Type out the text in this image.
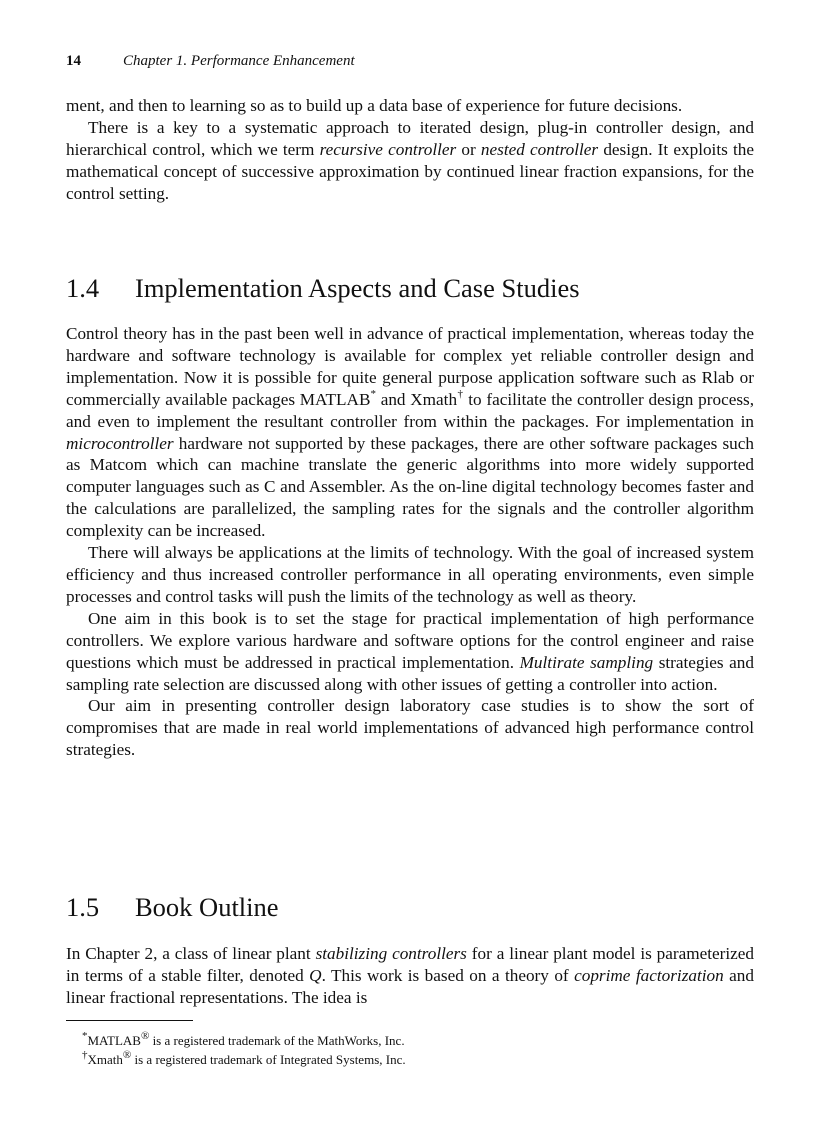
14	Chapter 1. Performance Enhancement

ment, and then to learning so as to build up a data base of experience for future decisions.

There is a key to a systematic approach to iterated design, plug-in controller design, and hierarchical control, which we term recursive controller or nested controller design. It exploits the mathematical concept of successive approximation by continued linear fraction expansions, for the control setting.

1.4 Implementation Aspects and Case Studies

Control theory has in the past been well in advance of practical implementation, whereas today the hardware and software technology is available for complex yet reliable controller design and implementation. Now it is possible for quite general purpose application software such as Rlab or commercially available packages MATLAB* and Xmath† to facilitate the controller design process, and even to implement the resultant controller from within the packages. For implementation in microcontroller hardware not supported by these packages, there are other software packages such as Matcom which can machine translate the generic algorithms into more widely supported computer languages such as C and Assembler. As the on-line digital technology becomes faster and the calculations are parallelized, the sampling rates for the signals and the controller algorithm complexity can be increased.

There will always be applications at the limits of technology. With the goal of increased system efficiency and thus increased controller performance in all operating environments, even simple processes and control tasks will push the limits of the technology as well as theory.

One aim in this book is to set the stage for practical implementation of high performance controllers. We explore various hardware and software options for the control engineer and raise questions which must be addressed in practical implementation. Multirate sampling strategies and sampling rate selection are discussed along with other issues of getting a controller into action.

Our aim in presenting controller design laboratory case studies is to show the sort of compromises that are made in real world implementations of advanced high performance control strategies.

1.5 Book Outline

In Chapter 2, a class of linear plant stabilizing controllers for a linear plant model is parameterized in terms of a stable filter, denoted Q. This work is based on a theory of coprime factorization and linear fractional representations. The idea is

*MATLAB® is a registered trademark of the MathWorks, Inc.

†Xmath® is a registered trademark of Integrated Systems, Inc.
